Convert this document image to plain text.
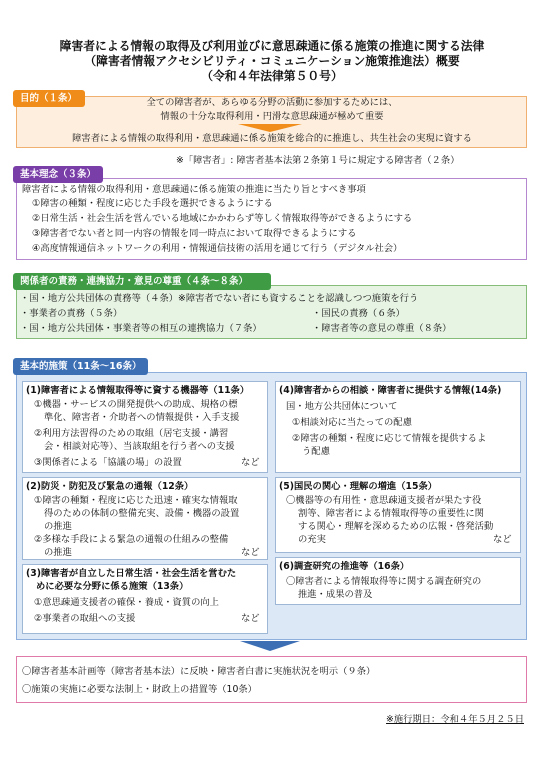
障害者による情報の取得及び利用並びに意思疎通に係る施策の推進に関する法律
（障害者情報アクセシビリティ・コミュニケーション施策推進法）概要
（令和４年法律第５０号）
目的（１条）	全ての障害者が、あらゆる分野の活動に参加するためには、
情報の十分な取得利用・円滑な意思疎通が極めて重要
障害者による情報の取得利用・意思疎通に係る施策を総合的に推進し、共生社会の実現に資する
※「障害者」: 障害者基本法第２条第１号に規定する障害者（２条）
基本理念（３条）
障害者による情報の取得利用・意思疎通に係る施策の推進に当たり旨とすべき事項
①障害の種類・程度に応じた手段を選択できるようにする
②日常生活・社会生活を営んでいる地域にかかわらず等しく情報取得等ができるようにする
③障害者でない者と同一内容の情報を同一時点において取得できるようにする
④高度情報通信ネットワークの利用・情報通信技術の活用を通じて行う（デジタル社会）
関係者の責務・連携協力・意見の尊重（４条～８条）
・国・地方公共団体の責務等（４条）※障害者でない者にも資することを認識しつつ施策を行う
・事業者の責務（５条）	・国民の責務（６条）
・国・地方公共団体・事業者等の相互の連携協力（７条）	・障害者等の意見の尊重（８条）
基本的施策（11条～16条）
(1)障害者による情報取得等に資する機器等（11条）
①機器・サービスの開発提供への助成、規格の標
準化、障害者・介助者への情報提供・入手支援
②利用方法習得のための取組（居宅支援・講習
会・相談対応等）、当該取組を行う者への支援
③関係者による「協議の場」の設置	など
(2)防災・防犯及び緊急の通報（12条）
①障害の種類・程度に応じた迅速・確実な情報取
得のための体制の整備充実、設備・機器の設置
の推進
②多様な手段による緊急の通報の仕組みの整備
の推進	など
(3)障害者が自立した日常生活・社会生活を営むた
めに必要な分野に係る施策（13条）
①意思疎通支援者の確保・養成・資質の向上
②事業者の取組への支援	など
(4)障害者からの相談・障害者に提供する情報(14条)
国・地方公共団体について
①相談対応に当たっての配慮
②障害の種類・程度に応じて情報を提供するよ
う配慮
(5)国民の関心・理解の増進（15条）
〇機器等の有用性・意思疎通支援者が果たす役
割等、障害者による情報取得等の重要性に関
する関心・理解を深めるための広報・啓発活動
の充実	など
(6)調査研究の推進等（16条）
〇障害者による情報取得等に関する調査研究の
推進・成果の普及
〇障害者基本計画等（障害者基本法）に反映・障害者白書に実施状況を明示（９条）
〇施策の実施に必要な法制上・財政上の措置等（10条）
※施行期日：令和４年５月２５日
